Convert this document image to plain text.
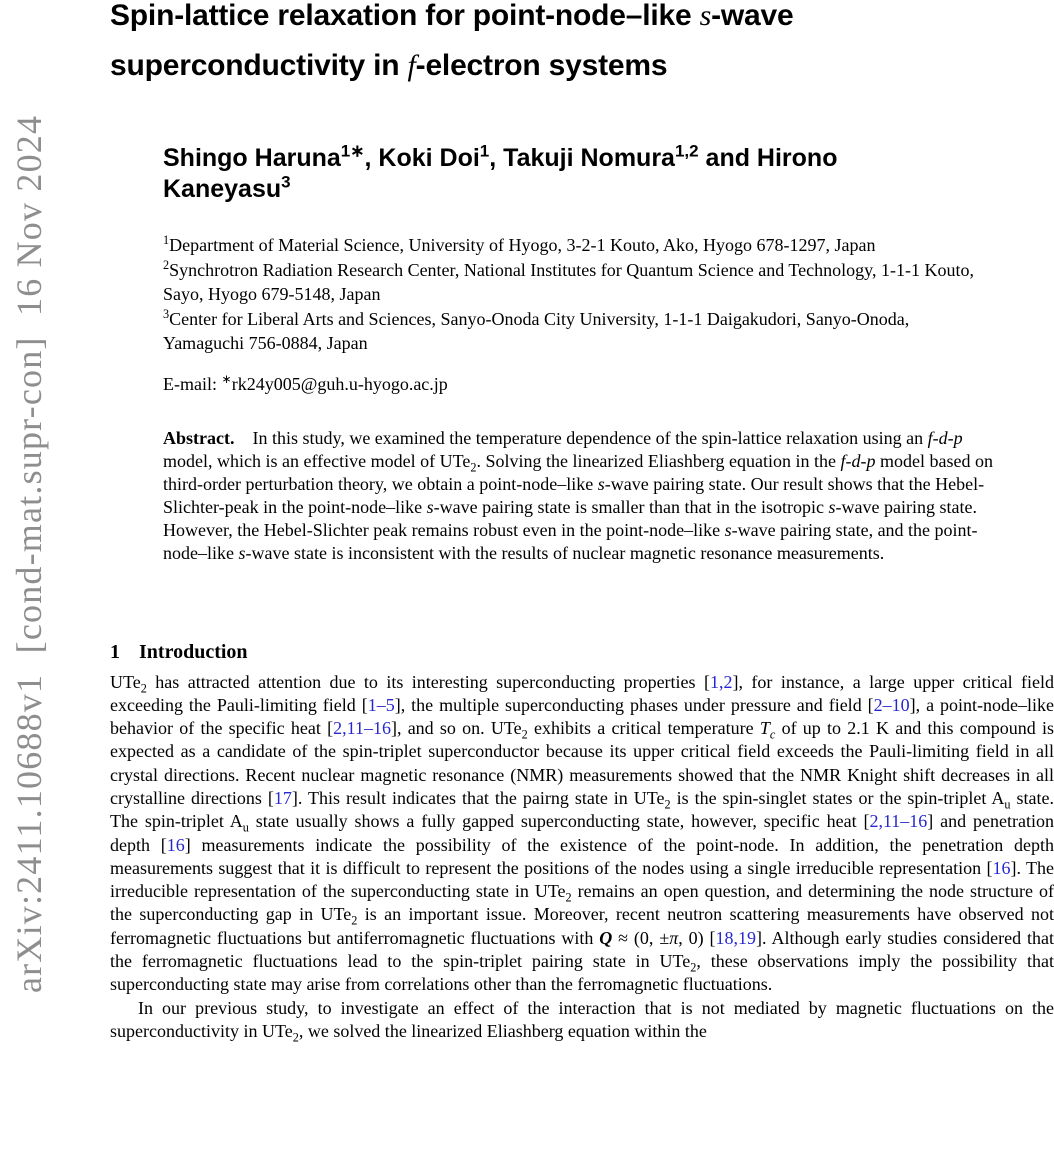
arXiv:2411.10688v1  [cond-mat.supr-con]  16 Nov 2024
Spin-lattice relaxation for point-node–like s-wave superconductivity in f-electron systems
Shingo Haruna$^{1∗}$, Koki Doi$^1$, Takuji Nomura$^{1,2}$ and Hirono Kaneyasu$^3$

$^1$Department of Material Science, University of Hyogo, 3-2-1 Kouto, Ako, Hyogo 678-1297, Japan

$^2$Synchrotron Radiation Research Center, National Institutes for Quantum Science and Technology, 1-1-1 Kouto, Sayo, Hyogo 679-5148, Japan

$^3$Center for Liberal Arts and Sciences, Sanyo-Onoda City University, 1-1-1 Daigakudori, Sanyo-Onoda, Yamaguchi 756-0884, Japan

E-mail: ∗rk24y005@guh.u-hyogo.ac.jp
Abstract. In this study, we examined the temperature dependence of the spin-lattice relaxation using an f-d-p model, which is an effective model of UTe$_2$. Solving the linearized Eliashberg equation in the f-d-p model based on third-order perturbation theory, we obtain a point-node–like s-wave pairing state. Our result shows that the Hebel-Slichter-peak in the point-node–like s-wave pairing state is smaller than that in the isotropic s-wave pairing state. However, the Hebel-Slichter peak remains robust even in the point-node–like s-wave pairing state, and the point-node–like s-wave state is inconsistent with the results of nuclear magnetic resonance measurements.
1 Introduction

UTe$_2$ has attracted attention due to its interesting superconducting properties [1,2], for instance, a large upper critical field exceeding the Pauli-limiting field [1–5], the multiple superconducting phases under pressure and field [2–10], a point-node–like behavior of the specific heat [2,11–16], and so on. UTe$_2$ exhibits a critical temperature $T_c$ of up to 2.1 K and this compound is expected as a candidate of the spin-triplet superconductor because its upper critical field exceeds the Pauli-limiting field in all crystal directions. Recent nuclear magnetic resonance (NMR) measurements showed that the NMR Knight shift decreases in all crystalline directions [17]. This result indicates that the pairng state in UTe$_2$ is the spin-singlet states or the spin-triplet $A_u$ state. The spin-triplet $A_u$ state usually shows a fully gapped superconducting state, however, specific heat [2,11–16] and penetration depth [16] measurements indicate the possibility of the existence of the point-node. In addition, the penetration depth measurements suggest that it is difficult to represent the positions of the nodes using a single irreducible representation [16]. The irreducible representation of the superconducting state in UTe$_2$ remains an open question, and determining the node structure of the superconducting gap in UTe$_2$ is an important issue. Moreover, recent neutron scattering measurements have observed not ferromagnetic fluctuations but antiferromagnetic fluctuations with Q ≈ (0, ±π, 0) [18,19]. Although early studies considered that the ferromagnetic fluctuations lead to the spin-triplet pairing state in UTe$_2$, these observations imply the possibility that superconducting state may arise from correlations other than the ferromagnetic fluctuations.

In our previous study, to investigate an effect of the interaction that is not mediated by magnetic fluctuations on the superconductivity in UTe$_2$, we solved the linearized Eliashberg equation within the
